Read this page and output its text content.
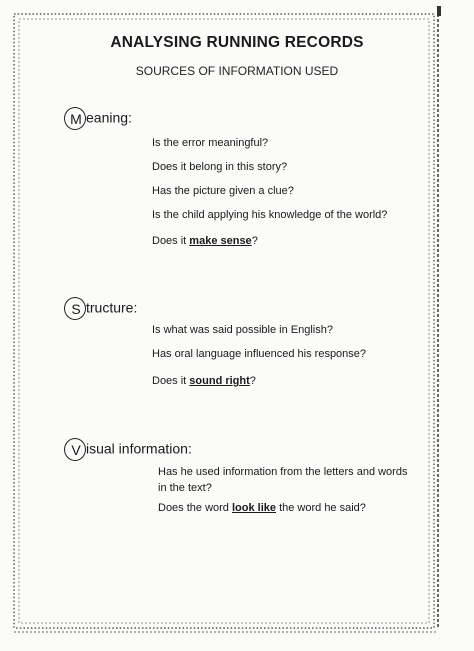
ANALYSING RUNNING RECORDS
SOURCES OF INFORMATION USED
M eaning:
Is the error meaningful?
Does it belong in this story?
Has the picture given a clue?
Is the child applying his knowledge of the world?
Does it make sense?
S tructure:
Is what was said possible in English?
Has oral language influenced his response?
Does it sound right?
V isual information:
Has he used information from the letters and words in the text?
Does the word look like the word he said?
